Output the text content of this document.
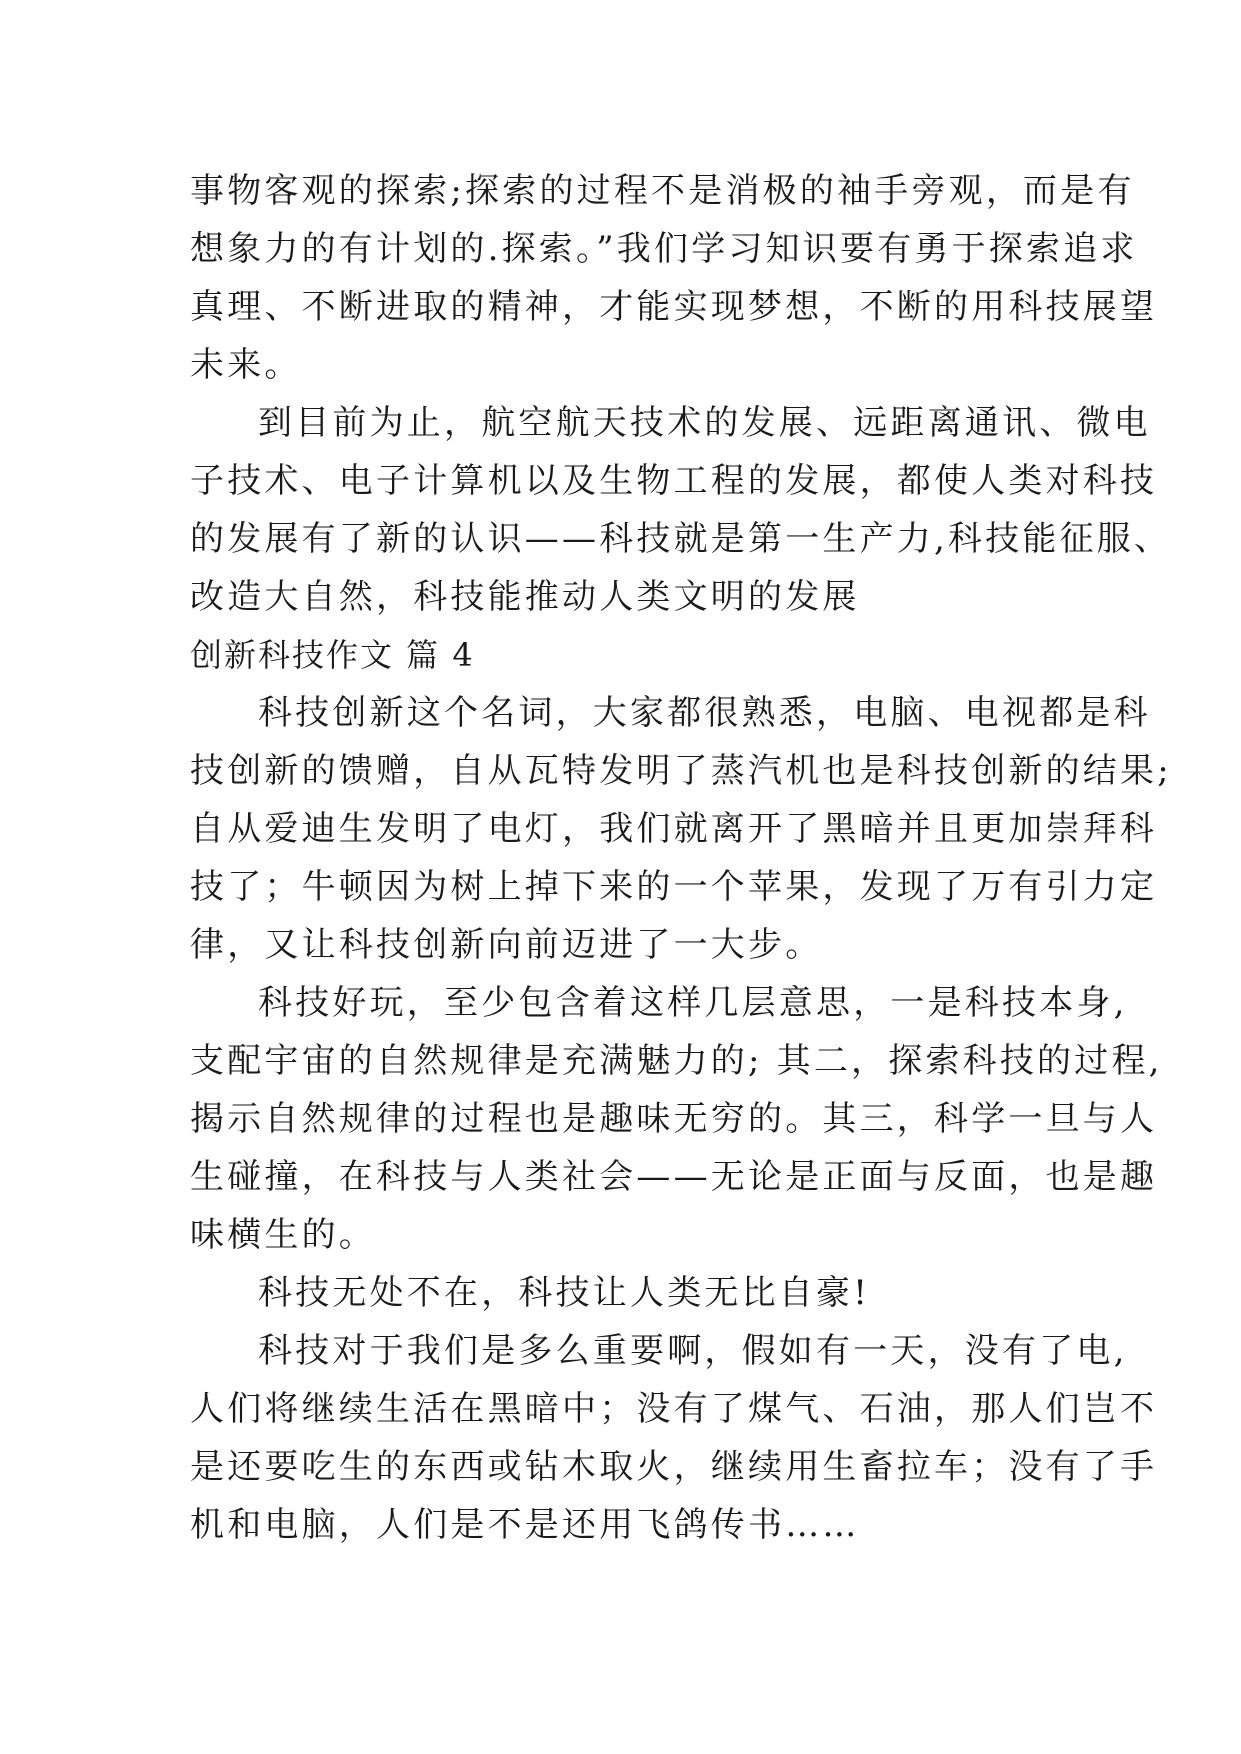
事物客观的探索;探索的过程不是消极的袖手旁观，而是有
想象力的有计划的.探索。”我们学习知识要有勇于探索追求
真理、不断进取的精神，才能实现梦想，不断的用科技展望
未来。
到目前为止，航空航天技术的发展、远距离通讯、微电
子技术、电子计算机以及生物工程的发展，都使人类对科技
的发展有了新的认识——科技就是第一生产力,科技能征服、
改造大自然，科技能推动人类文明的发展
创新科技作文 篇 4
科技创新这个名词，大家都很熟悉，电脑、电视都是科
技创新的馈赠，自从瓦特发明了蒸汽机也是科技创新的结果;
自从爱迪生发明了电灯，我们就离开了黑暗并且更加崇拜科
技了；牛顿因为树上掉下来的一个苹果，发现了万有引力定
律，又让科技创新向前迈进了一大步。
科技好玩，至少包含着这样几层意思，一是科技本身,
支配宇宙的自然规律是充满魅力的; 其二，探索科技的过程,
揭示自然规律的过程也是趣味无穷的。其三，科学一旦与人
生碰撞，在科技与人类社会——无论是正面与反面，也是趣
味横生的。
科技无处不在，科技让人类无比自豪!
科技对于我们是多么重要啊，假如有一天，没有了电,
人们将继续生活在黑暗中；没有了煤气、石油，那人们岂不
是还要吃生的东西或钻木取火，继续用生畜拉车；没有了手
机和电脑，人们是不是还用飞鸽传书……
